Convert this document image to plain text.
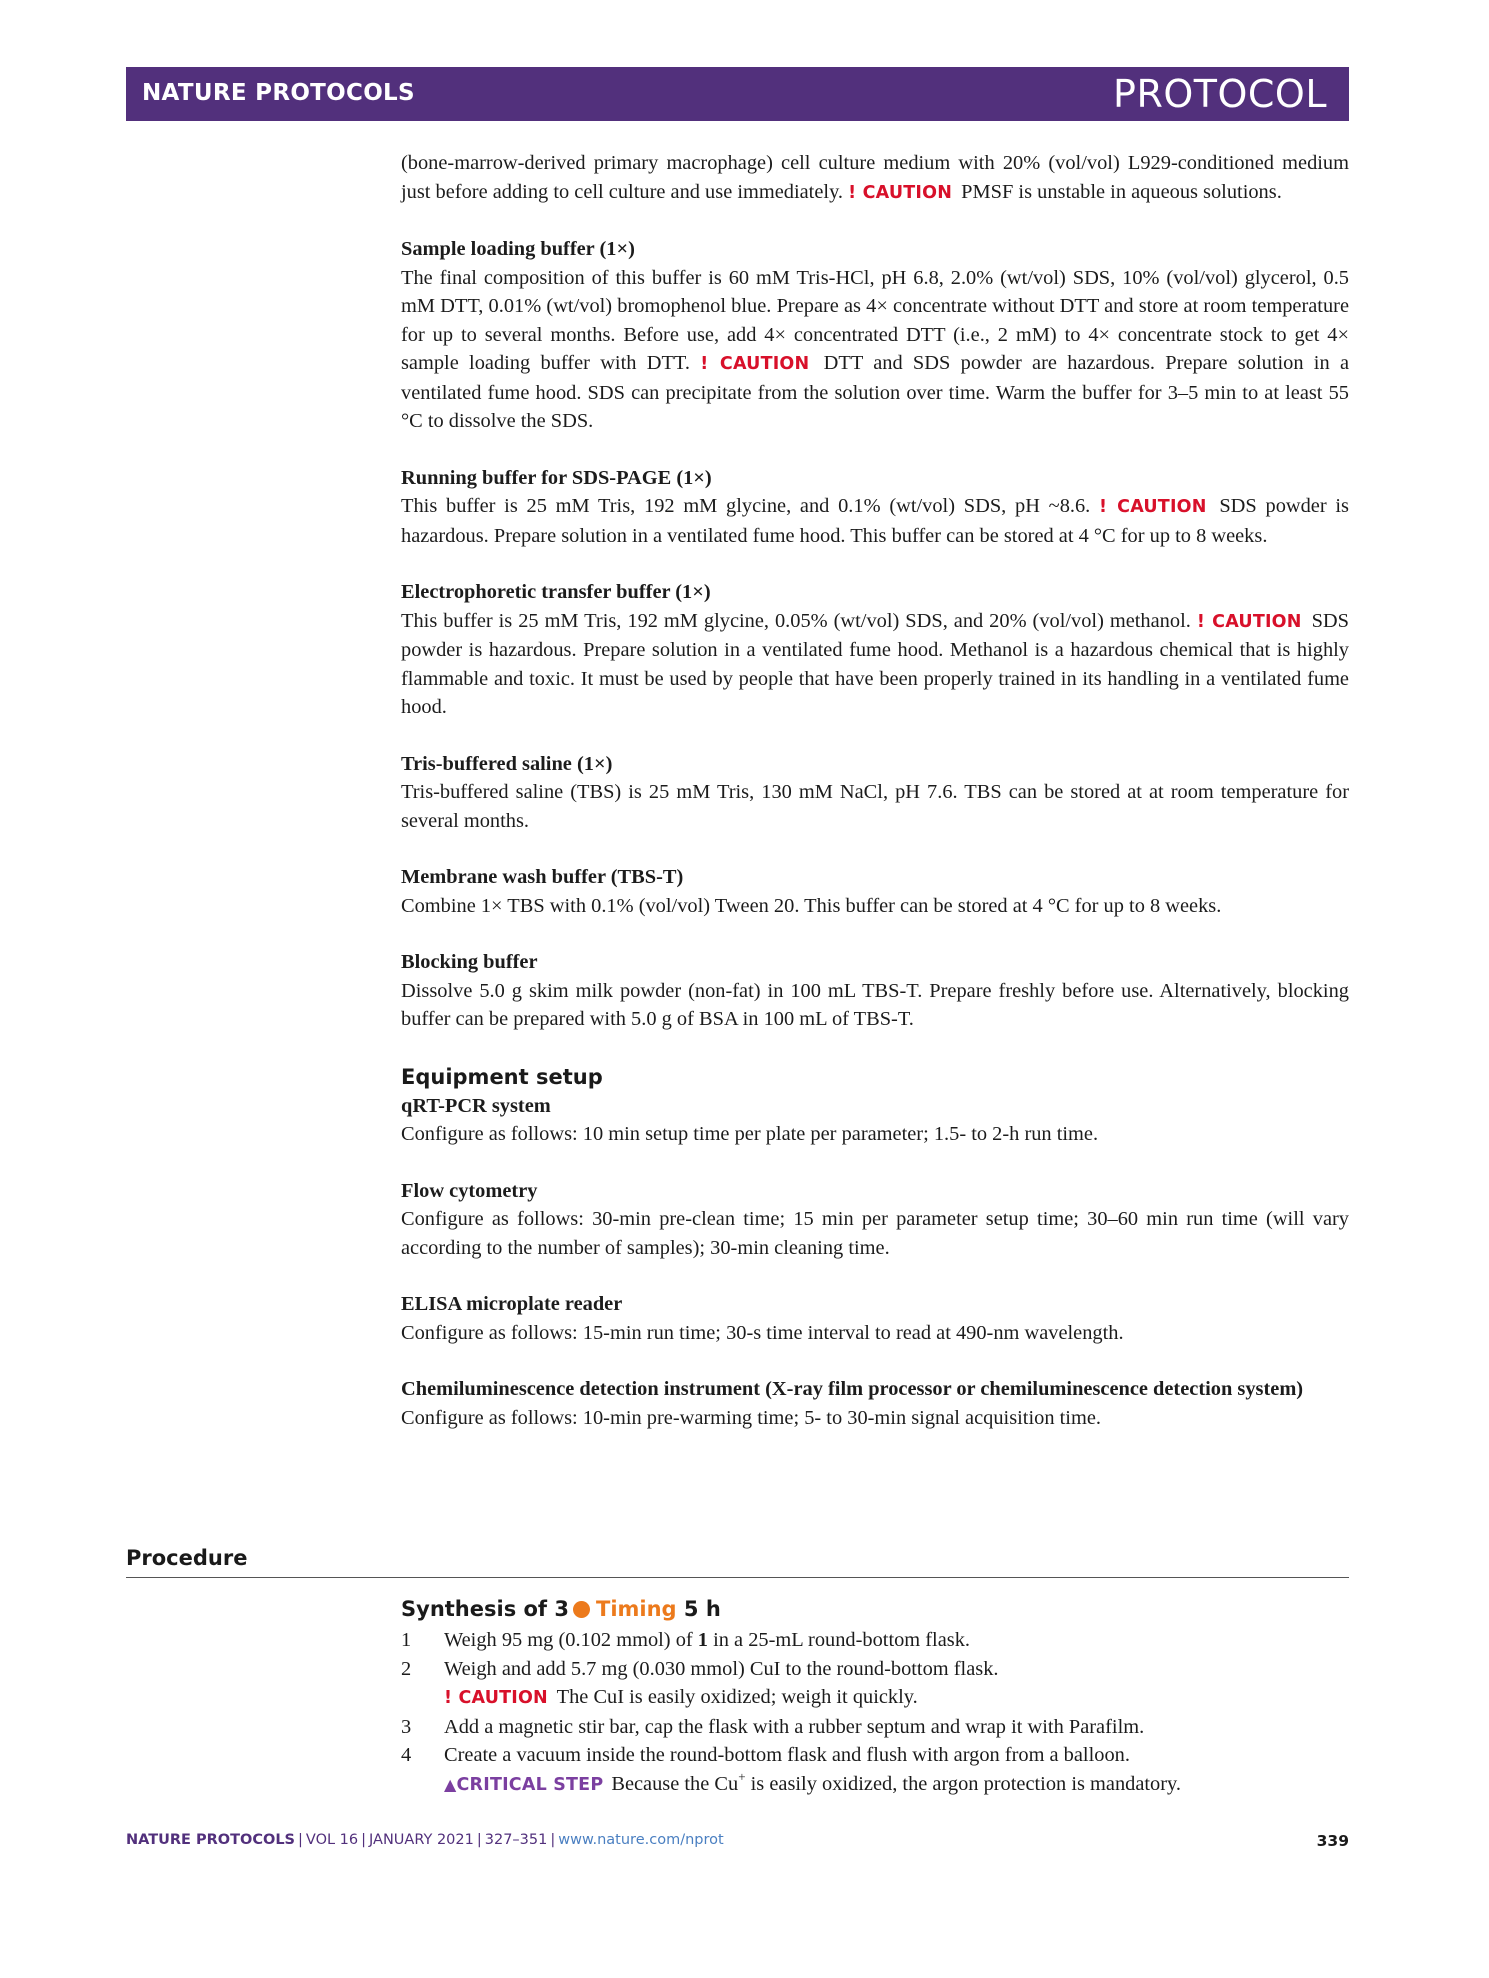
NATURE PROTOCOLS	PROTOCOL

(bone-marrow-derived primary macrophage) cell culture medium with 20% (vol/vol) L929-conditioned medium just before adding to cell culture and use immediately. ! CAUTION PMSF is unstable in aqueous solutions.

Sample loading buffer (1×)

The final composition of this buffer is 60 mM Tris-HCl, pH 6.8, 2.0% (wt/vol) SDS, 10% (vol/vol) glycerol, 0.5 mM DTT, 0.01% (wt/vol) bromophenol blue. Prepare as 4× concentrate without DTT and store at room temperature for up to several months. Before use, add 4× concentrated DTT (i.e., 2 mM) to 4× concentrate stock to get 4× sample loading buffer with DTT. ! CAUTION DTT and SDS powder are hazardous. Prepare solution in a ventilated fume hood. SDS can precipitate from the solution over time. Warm the buffer for 3–5 min to at least 55 °C to dissolve the SDS.

Running buffer for SDS-PAGE (1×)

This buffer is 25 mM Tris, 192 mM glycine, and 0.1% (wt/vol) SDS, pH ~8.6. ! CAUTION SDS powder is hazardous. Prepare solution in a ventilated fume hood. This buffer can be stored at 4 °C for up to 8 weeks.

Electrophoretic transfer buffer (1×)

This buffer is 25 mM Tris, 192 mM glycine, 0.05% (wt/vol) SDS, and 20% (vol/vol) methanol. ! CAUTION SDS powder is hazardous. Prepare solution in a ventilated fume hood. Methanol is a hazardous chemical that is highly flammable and toxic. It must be used by people that have been properly trained in its handling in a ventilated fume hood.

Tris-buffered saline (1×)

Tris-buffered saline (TBS) is 25 mM Tris, 130 mM NaCl, pH 7.6. TBS can be stored at at room temperature for several months.

Membrane wash buffer (TBS-T)

Combine 1× TBS with 0.1% (vol/vol) Tween 20. This buffer can be stored at 4 °C for up to 8 weeks.

Blocking buffer

Dissolve 5.0 g skim milk powder (non-fat) in 100 mL TBS-T. Prepare freshly before use. Alternatively, blocking buffer can be prepared with 5.0 g of BSA in 100 mL of TBS-T.

Equipment setup

qRT-PCR system

Configure as follows: 10 min setup time per plate per parameter; 1.5- to 2-h run time.

Flow cytometry

Configure as follows: 30-min pre-clean time; 15 min per parameter setup time; 30–60 min run time (will vary according to the number of samples); 30-min cleaning time.

ELISA microplate reader

Configure as follows: 15-min run time; 30-s time interval to read at 490-nm wavelength.

Chemiluminescence detection instrument (X-ray film processor or chemiluminescence detection system)

Configure as follows: 10-min pre-warming time; 5- to 30-min signal acquisition time.

Procedure

Synthesis of 3 Timing 5 h

1 Weigh 95 mg (0.102 mmol) of 1 in a 25-mL round-bottom flask.

2 Weigh and add 5.7 mg (0.030 mmol) CuI to the round-bottom flask.
! CAUTION The CuI is easily oxidized; weigh it quickly.

3 Add a magnetic stir bar, cap the flask with a rubber septum and wrap it with Parafilm.

4 Create a vacuum inside the round-bottom flask and flush with argon from a balloon.
▲CRITICAL STEP Because the Cu+ is easily oxidized, the argon protection is mandatory.

NATURE PROTOCOLS | VOL 16 | JANUARY 2021 | 327–351 | www.nature.com/nprot	339
